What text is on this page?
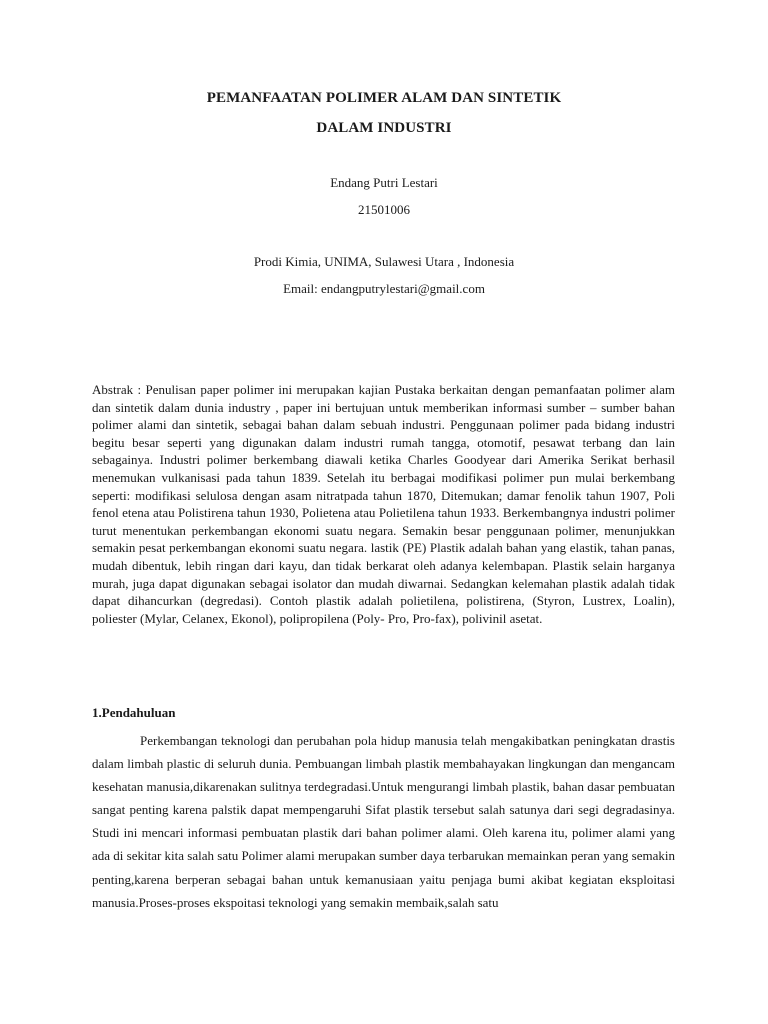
PEMANFAATAN POLIMER ALAM DAN SINTETIK
DALAM INDUSTRI
Endang Putri Lestari
21501006
Prodi Kimia, UNIMA, Sulawesi Utara , Indonesia
Email: endangputrylestari@gmail.com

Abstrak : Penulisan paper polimer ini merupakan kajian Pustaka berkaitan dengan pemanfaatan polimer alam dan sintetik dalam dunia industry , paper ini bertujuan untuk memberikan informasi sumber – sumber bahan polimer alami dan sintetik, sebagai bahan dalam sebuah industri. Penggunaan polimer pada bidang industri begitu besar seperti yang digunakan dalam industri rumah tangga, otomotif, pesawat terbang dan lain sebagainya. Industri polimer berkembang diawali ketika Charles Goodyear dari Amerika Serikat berhasil menemukan vulkanisasi pada tahun 1839. Setelah itu berbagai modifikasi polimer pun mulai berkembang seperti: modifikasi selulosa dengan asam nitratpada tahun 1870, Ditemukan; damar fenolik tahun 1907, Poli fenol etena atau Polistirena tahun 1930, Polietena atau Polietilena tahun 1933. Berkembangnya industri polimer turut menentukan perkembangan ekonomi suatu negara. Semakin besar penggunaan polimer, menunjukkan semakin pesat perkembangan ekonomi suatu negara. lastik (PE) Plastik adalah bahan yang elastik, tahan panas, mudah dibentuk, lebih ringan dari kayu, dan tidak berkarat oleh adanya kelembapan. Plastik selain harganya murah, juga dapat digunakan sebagai isolator dan mudah diwarnai. Sedangkan kelemahan plastik adalah tidak dapat dihancurkan (degredasi). Contoh plastik adalah polietilena, polistirena, (Styron, Lustrex, Loalin), poliester (Mylar, Celanex, Ekonol), polipropilena (Poly- Pro, Pro-fax), polivinil asetat.

1.Pendahuluan

Perkembangan teknologi dan perubahan pola hidup manusia telah mengakibatkan peningkatan drastis dalam limbah plastic di seluruh dunia. Pembuangan limbah plastik membahayakan lingkungan dan mengancam kesehatan manusia,dikarenakan sulitnya terdegradasi.Untuk mengurangi limbah plastik, bahan dasar pembuatan sangat penting karena palstik dapat mempengaruhi Sifat plastik tersebut salah satunya dari segi degradasinya. Studi ini mencari informasi pembuatan plastik dari bahan polimer alami. Oleh karena itu, polimer alami yang ada di sekitar kita salah satu Polimer alami merupakan sumber daya terbarukan memainkan peran yang semakin penting,karena berperan sebagai bahan untuk kemanusiaan yaitu penjaga bumi akibat kegiatan eksploitasi manusia.Proses-proses ekspoitasi teknologi yang semakin membaik,salah satu
